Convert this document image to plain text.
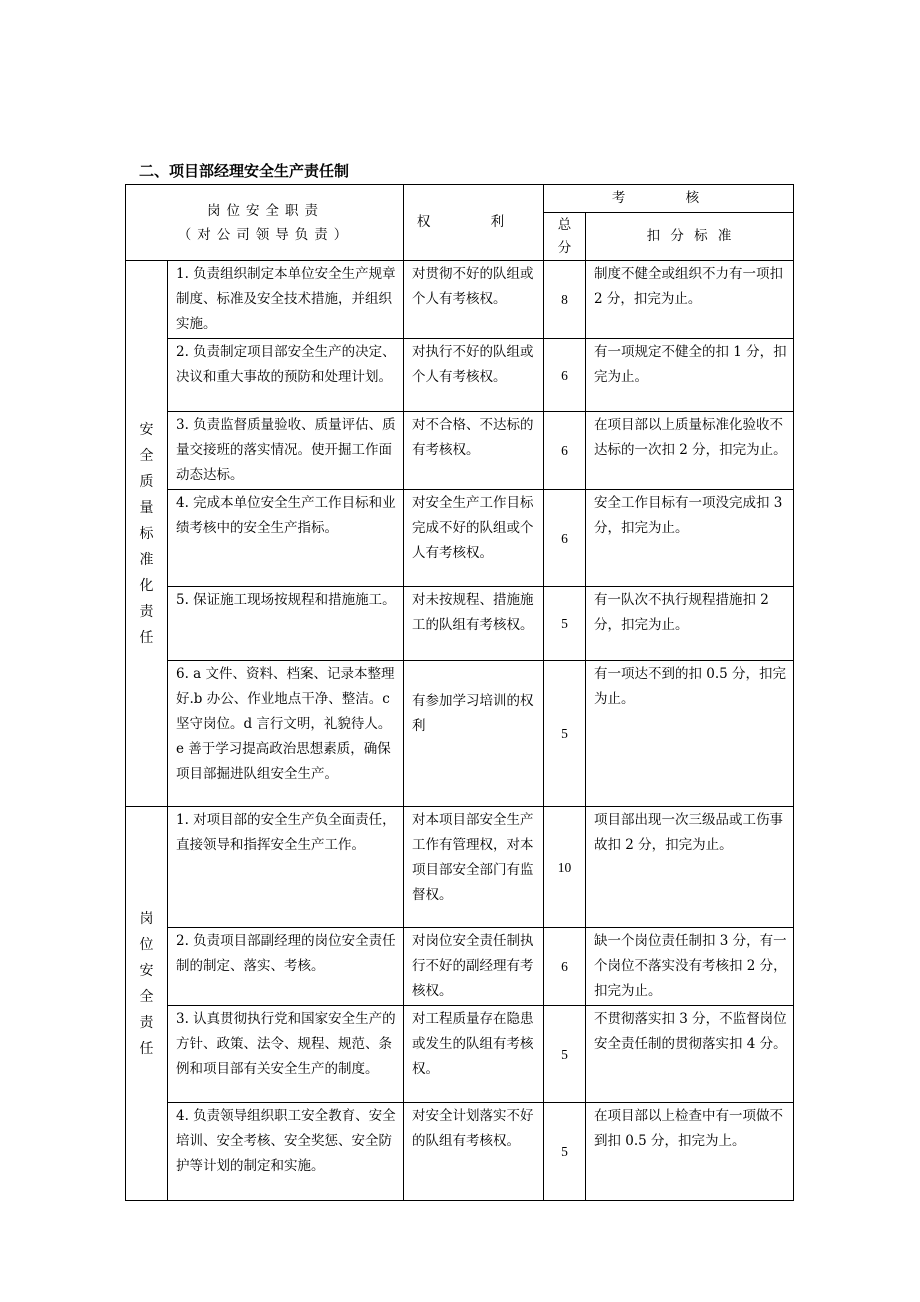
二、项目部经理安全生产责任制
岗位安全职责
（对公司领导负责）		权 利	考 核	
			总分	扣 分 标 准

安全质量标准化责任	1. 负责组织制定本单位安全生产规章制度、标准及安全技术措施，并组织实施。	对贯彻不好的队组或个人有考核权。	8	制度不健全或组织不力有一项扣 2 分，扣完为止。
	2. 负责制定项目部安全生产的决定、决议和重大事故的预防和处理计划。	对执行不好的队组或个人有考核权。	6	有一项规定不健全的扣 1 分，扣完为止。
	3. 负责监督质量验收、质量评估、质量交接班的落实情况。使开掘工作面动态达标。	对不合格、不达标的有考核权。	6	在项目部以上质量标准化验收不达标的一次扣 2 分，扣完为止。
	4. 完成本单位安全生产工作目标和业绩考核中的安全生产指标。	对安全生产工作目标完成不好的队组或个人有考核权。	6	安全工作目标有一项没完成扣 3 分，扣完为止。
	5. 保证施工现场按规程和措施施工。	对未按规程、措施施工的队组有考核权。	5	有一队次不执行规程措施扣 2 分，扣完为止。
	6. a 文件、资料、档案、记录本整理好.b 办公、作业地点干净、整洁。c 坚守岗位。d 言行文明，礼貌待人。e 善于学习提高政治思想素质，确保项目部掘进队组安全生产。	有参加学习培训的权利	5	有一项达不到的扣 0.5 分，扣完为止。

岗位安全责任	1. 对项目部的安全生产负全面责任，直接领导和指挥安全生产工作。	对本项目部安全生产工作有管理权，对本项目部安全部门有监督权。	10	项目部出现一次三级品或工伤事故扣 2 分，扣完为止。
	2. 负责项目部副经理的岗位安全责任制的制定、落实、考核。	对岗位安全责任制执行不好的副经理有考核权。	6	缺一个岗位责任制扣 3 分，有一个岗位不落实没有考核扣 2 分，扣完为止。
	3. 认真贯彻执行党和国家安全生产的方针、政策、法令、规程、规范、条例和项目部有关安全生产的制度。	对工程质量存在隐患或发生的队组有考核权。	5	不贯彻落实扣 3 分，不监督岗位安全责任制的贯彻落实扣 4 分。
	4. 负责领导组织职工安全教育、安全培训、安全考核、安全奖惩、安全防护等计划的制定和实施。	对安全计划落实不好的队组有考核权。	5	在项目部以上检查中有一项做不到扣 0.5 分，扣完为上。
